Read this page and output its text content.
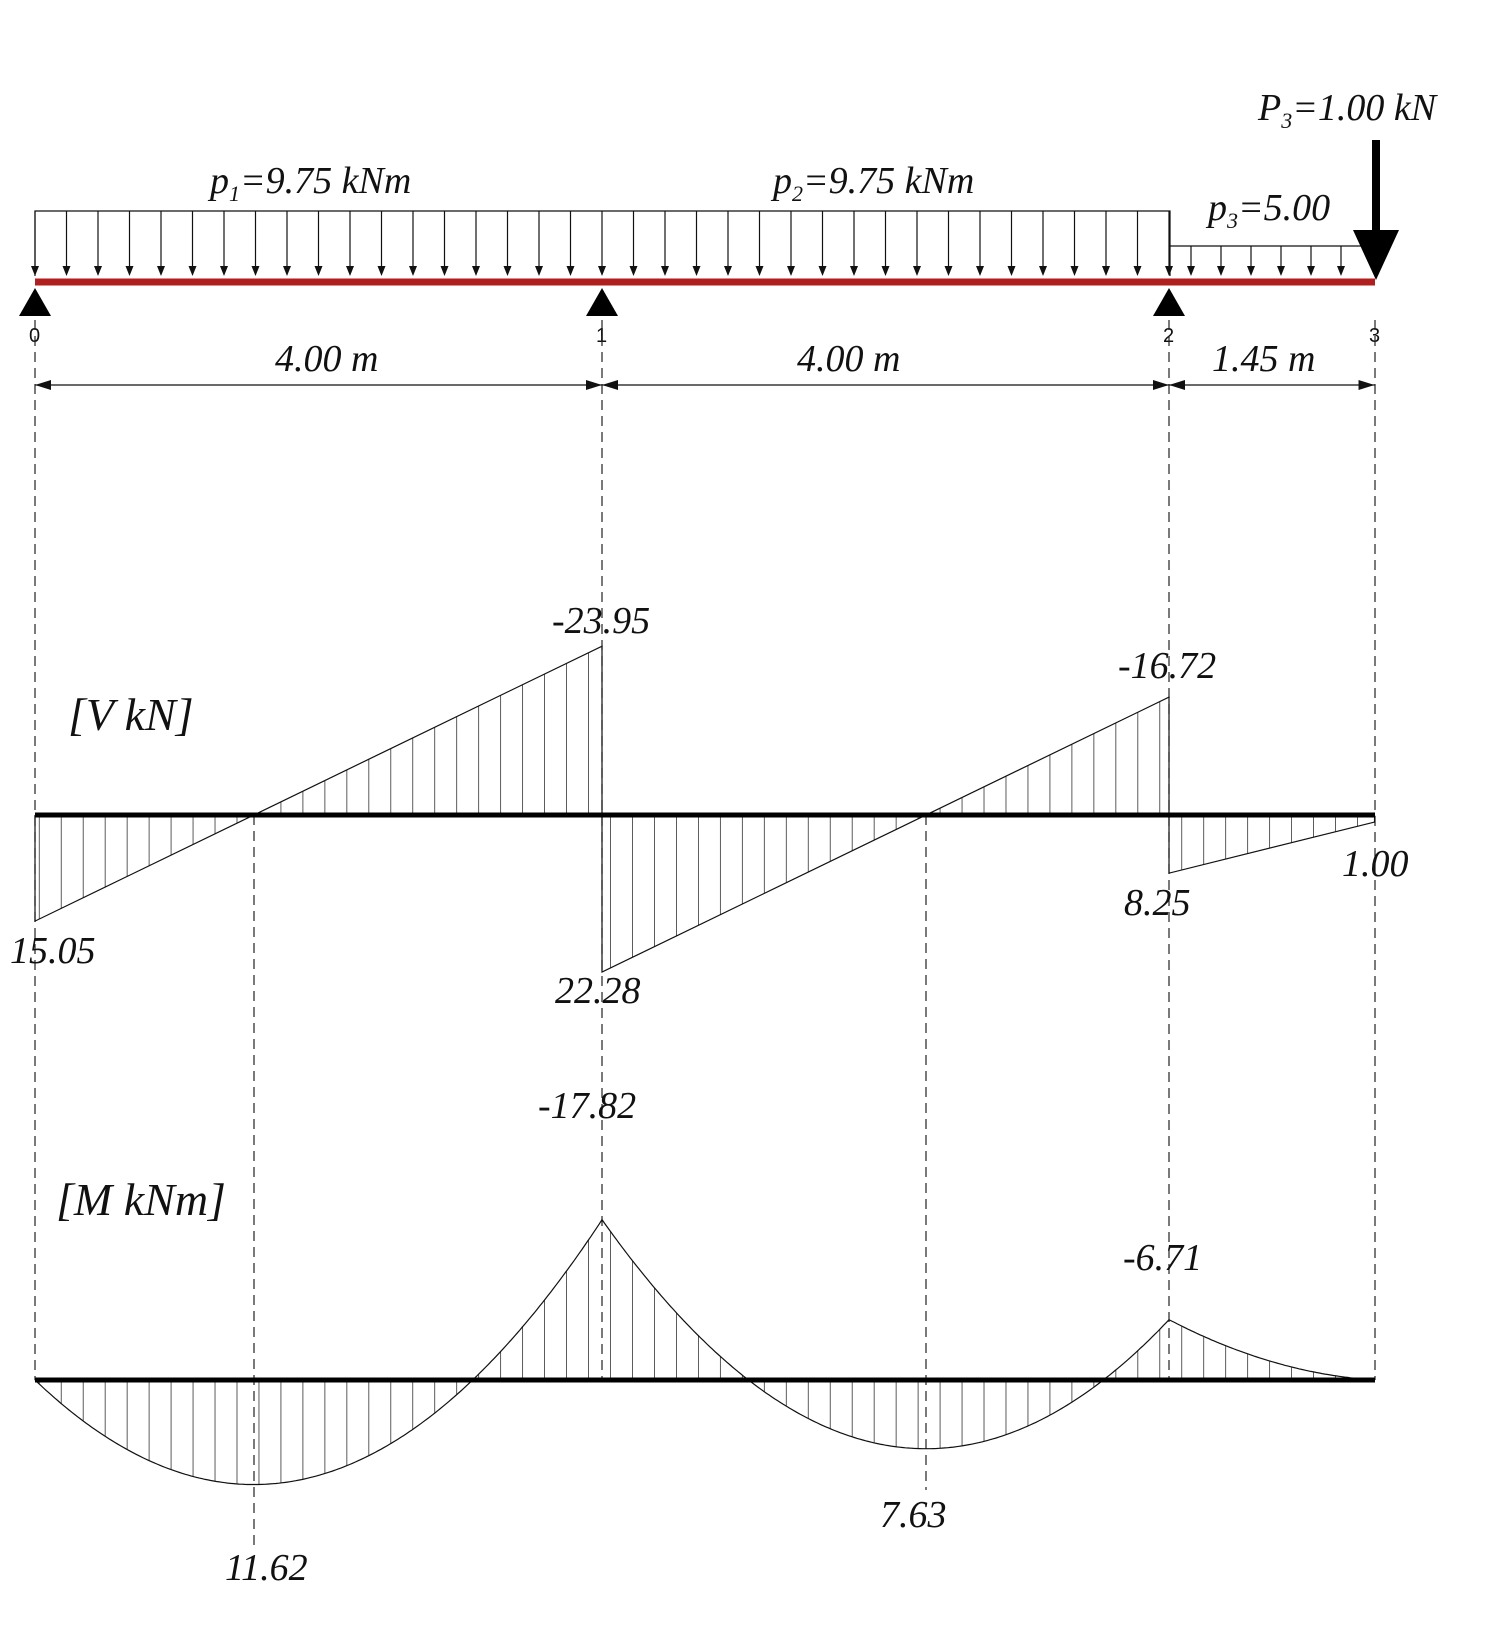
0	1	2	3
$p_1=9.75$ kNm	$p_2=9.75$ kNm
$p_3=5.00$
$P_3=1.00$ kN
4.00 m	4.00 m	1.45 m
[V kN]
15.05
-23.95
22.28
-16.72
8.25
1.00
[M kNm]
11.62
-17.82
7.63
-6.71
